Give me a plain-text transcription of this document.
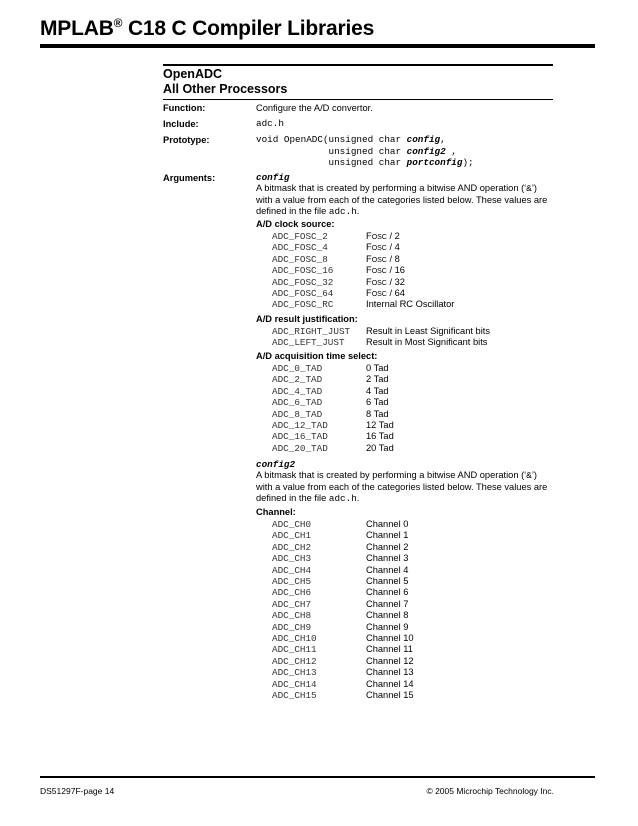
MPLAB® C18 C Compiler Libraries
OpenADC
All Other Processors
Function:	Configure the A/D convertor.
Include:	adc.h
Prototype:	void OpenADC(unsigned char config,
unsigned char config2 ,
unsigned char portconfig);
Arguments:	config
A bitmask that is created by performing a bitwise AND operation (‘&’)
with a value from each of the categories listed below. These values are
defined in the file adc.h.
A/D clock source:
ADC_FOSC_2	FOSC / 2
ADC_FOSC_4	FOSC / 4
ADC_FOSC_8	FOSC / 8
ADC_FOSC_16	FOSC / 16
ADC_FOSC_32	FOSC / 32
ADC_FOSC_64	FOSC / 64
ADC_FOSC_RC	Internal RC Oscillator
A/D result justification:
ADC_RIGHT_JUST Result in Least Significant bits
ADC_LEFT_JUST Result in Most Significant bits
A/D acquisition time select:
ADC_0_TAD	0 Tad
ADC_2_TAD	2 Tad
ADC_4_TAD	4 Tad
ADC_6_TAD	6 Tad
ADC_8_TAD	8 Tad
ADC_12_TAD	12 Tad
ADC_16_TAD	16 Tad
ADC_20_TAD	20 Tad
config2
A bitmask that is created by performing a bitwise AND operation (‘&’)
with a value from each of the categories listed below. These values are
defined in the file adc.h.
Channel:
ADC_CH0	Channel 0
ADC_CH1	Channel 1
ADC_CH2	Channel 2
ADC_CH3	Channel 3
ADC_CH4	Channel 4
ADC_CH5	Channel 5
ADC_CH6	Channel 6
ADC_CH7	Channel 7
ADC_CH8	Channel 8
ADC_CH9	Channel 9
ADC_CH10	Channel 10
ADC_CH11	Channel 11
ADC_CH12	Channel 12
ADC_CH13	Channel 13
ADC_CH14	Channel 14
ADC_CH15	Channel 15
DS51297F-page 14	© 2005 Microchip Technology Inc.
